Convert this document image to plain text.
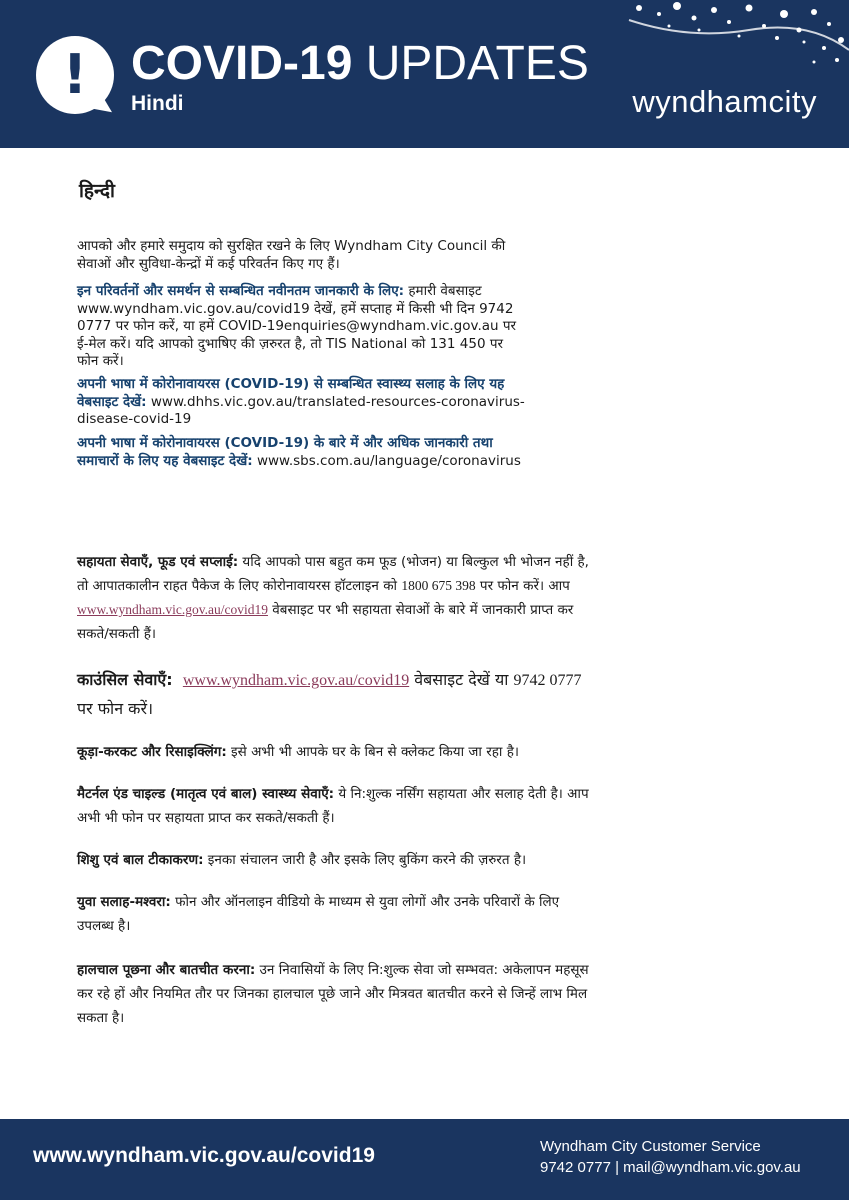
! COVID-19 UPDATES
Hindi	wyndhamcity
हिन्दी
आपको और हमारे समुदाय को सुरक्षित रखने के लिए Wyndham City Council की सेवाओं और सुविधा-केन्द्रों में कई परिवर्तन किए गए हैं।
इन परिवर्तनों और समर्थन से सम्बन्धित नवीनतम जानकारी के लिए: हमारी वेबसाइट www.wyndham.vic.gov.au/covid19 देखें, हमें सप्ताह में किसी भी दिन 9742 0777 पर फोन करें, या हमें COVID-19enquiries@wyndham.vic.gov.au पर ई-मेल करें। यदि आपको दुभाषिए की ज़रुरत है, तो TIS National को 131 450 पर फोन करें।
अपनी भाषा में कोरोनावायरस (COVID-19) से सम्बन्धित स्वास्थ्य सलाह के लिए यह वेबसाइट देखें: www.dhhs.vic.gov.au/translated-resources-coronavirus-disease-covid-19
अपनी भाषा में कोरोनावायरस (COVID-19) के बारे में और अधिक जानकारी तथा समाचारों के लिए यह वेबसाइट देखें: www.sbs.com.au/language/coronavirus
सहायता सेवाएँ, फूड एवं सप्लाई: यदि आपको पास बहुत कम फूड (भोजन) या बिल्कुल भी भोजन नहीं है, तो आपातकालीन राहत पैकेज के लिए कोरोनावायरस हॉटलाइन को 1800 675 398 पर फोन करें। आप www.wyndham.vic.gov.au/covid19 वेबसाइट पर भी सहायता सेवाओं के बारे में जानकारी प्राप्त कर सकते/सकती हैं।
काउंसिल सेवाएँ: www.wyndham.vic.gov.au/covid19 वेबसाइट देखें या 9742 0777 पर फोन करें।
कूड़ा-करकट और रिसाइक्लिंग: इसे अभी भी आपके घर के बिन से क्लेकट किया जा रहा है।
मैटर्नल एंड चाइल्ड (मातृत्व एवं बाल) स्वास्थ्य सेवाएँ: ये नि:शुल्क नर्सिंग सहायता और सलाह देती है। आप अभी भी फोन पर सहायता प्राप्त कर सकते/सकती हैं।
शिशु एवं बाल टीकाकरण: इनका संचालन जारी है और इसके लिए बुकिंग करने की ज़रुरत है।
युवा सलाह-मश्वरा: फोन और ऑनलाइन वीडियो के माध्यम से युवा लोगों और उनके परिवारों के लिए उपलब्ध है।
हालचाल पूछना और बातचीत करना: उन निवासियों के लिए नि:शुल्क सेवा जो सम्भवत: अकेलापन महसूस कर रहे हों और नियमित तौर पर जिनका हालचाल पूछे जाने और मित्रवत बातचीत करने से जिन्हें लाभ मिल सकता है।
www.wyndham.vic.gov.au/covid19	Wyndham City Customer Service
9742 0777 | mail@wyndham.vic.gov.au
